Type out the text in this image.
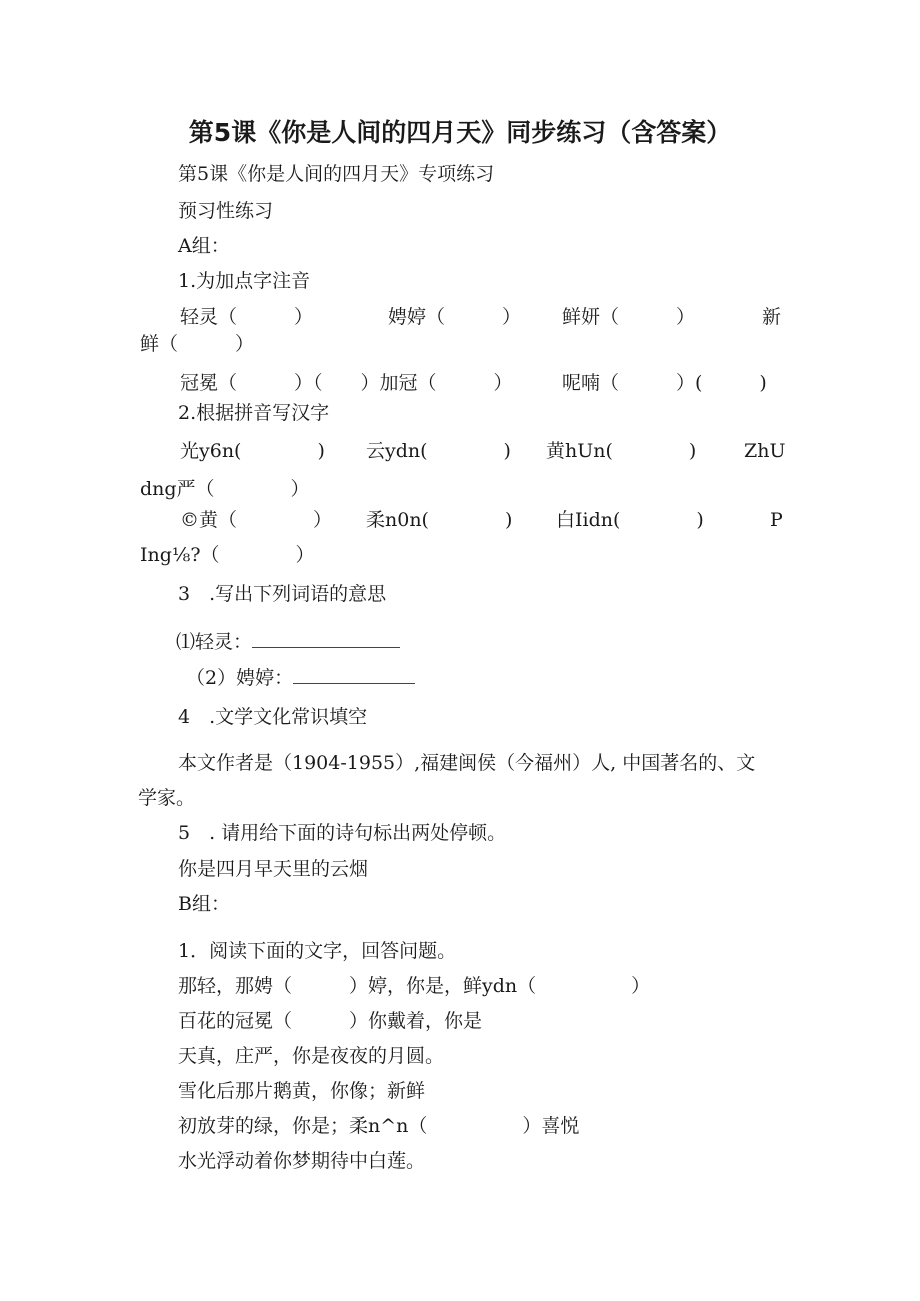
第5课《你是人间的四月天》同步练习（含答案）
第5课《你是人间的四月天》专项练习
预习性练习
A组：
1.为加点字注音
轻灵（　　　）	娉婷（　　　） 鲜妍（　　　）	新
鲜（　　　）
冠冕（　　　）（　　）加冠（　　　）	呢喃（　　　）(　　　)
2.根据拼音写汉字
光y6n(　　　　) 云ydn(　　　　) 黄hUn(　　　　)	ZhU
dng严（　　　　）
©黄（　　　　） 柔n0n(　　　　) 白Iidn(　　　　)	P
Ing⅛?（　　　　）
3　.写出下列词语的意思
⑴轻灵：
（2）娉婷：
4　.文学文化常识填空
本文作者是（1904-1955）,福建闽侯（今福州）人, 中国著名的、文
学家。
5　. 请用给下面的诗句标出两处停顿。
你是四月早天里的云烟
B组：
1．阅读下面的文字，回答问题。
那轻，那娉（　　　）婷，你是，鲜ydn（　　　　　）
百花的冠冕（　　　）你戴着，你是
天真，庄严，你是夜夜的月圆。
雪化后那片鹅黄，你像；新鲜
初放芽的绿，你是；柔n^n（　　　　　）喜悦
水光浮动着你梦期待中白莲。
